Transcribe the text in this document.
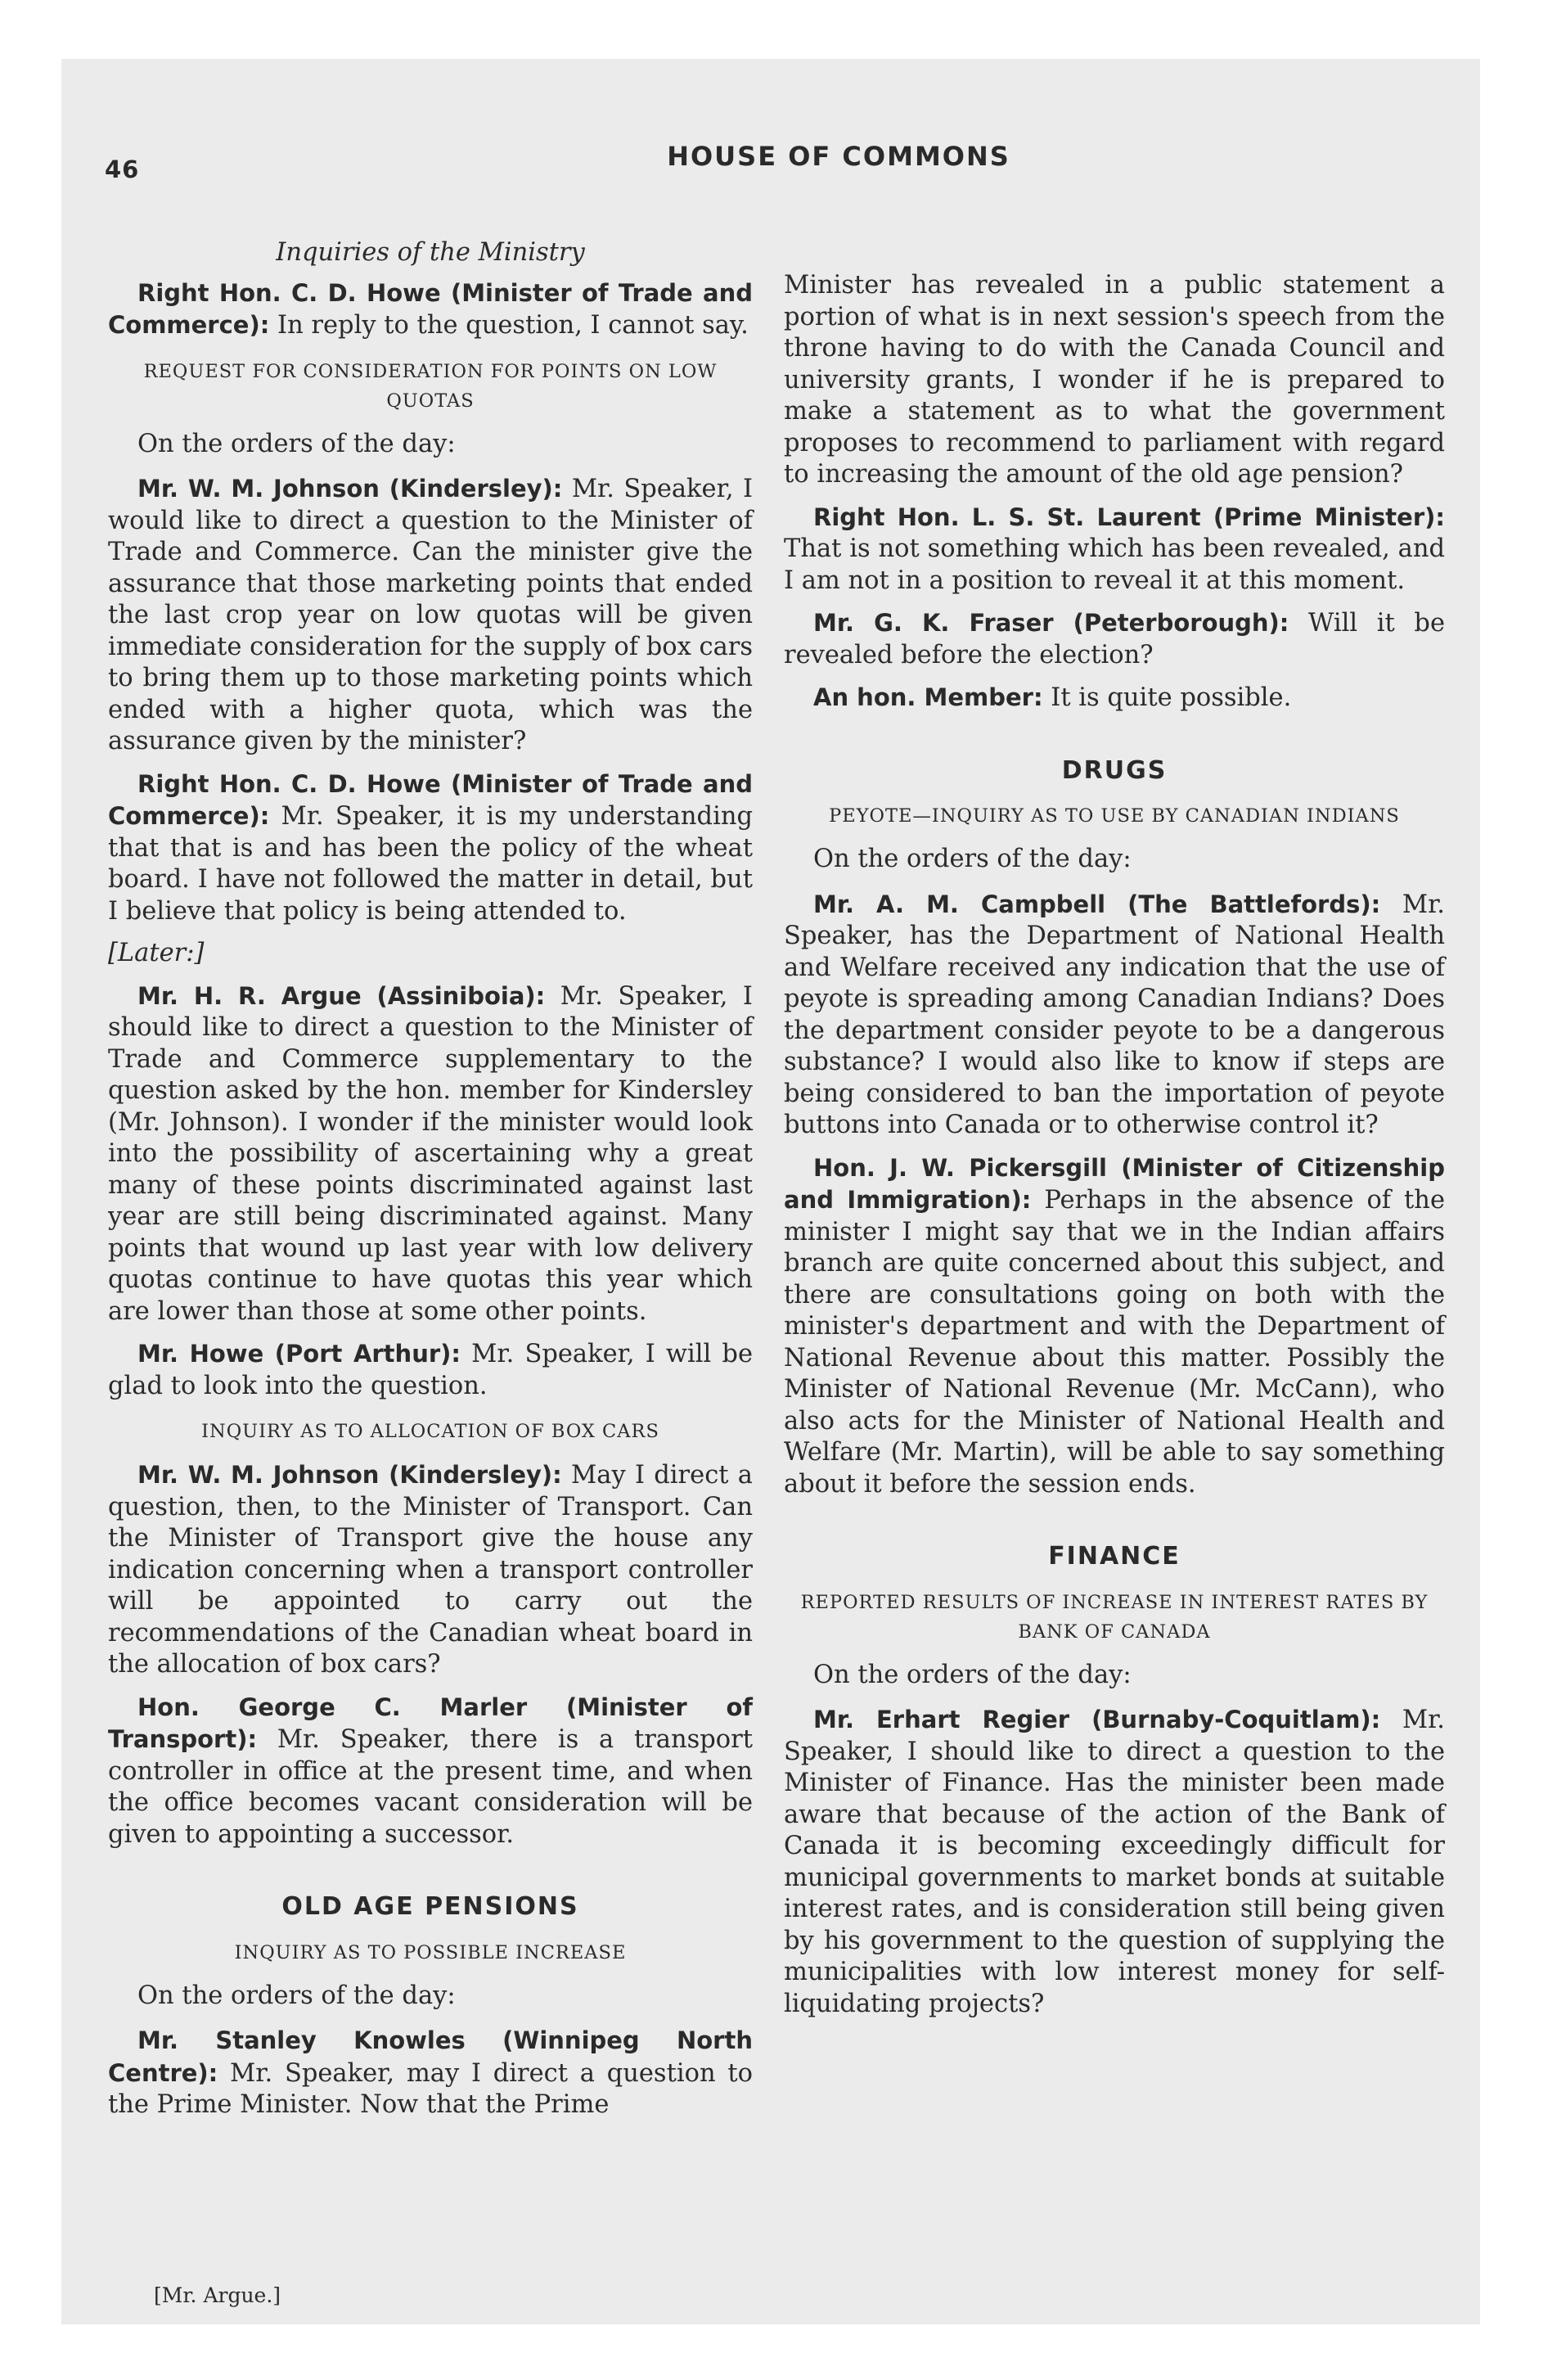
46	HOUSE OF COMMONS

Inquiries of the Ministry

Right Hon. C. D. Howe (Minister of Trade and Commerce): In reply to the question, I cannot say.

REQUEST FOR CONSIDERATION FOR POINTS ON LOW QUOTAS

On the orders of the day:

Mr. W. M. Johnson (Kindersley): Mr. Speaker, I would like to direct a question to the Minister of Trade and Commerce. Can the minister give the assurance that those marketing points that ended the last crop year on low quotas will be given immediate consideration for the supply of box cars to bring them up to those marketing points which ended with a higher quota, which was the assurance given by the minister?

Right Hon. C. D. Howe (Minister of Trade and Commerce): Mr. Speaker, it is my understanding that that is and has been the policy of the wheat board. I have not followed the matter in detail, but I believe that policy is being attended to.

[Later:]

Mr. H. R. Argue (Assiniboia): Mr. Speaker, I should like to direct a question to the Minister of Trade and Commerce supplementary to the question asked by the hon. member for Kindersley (Mr. Johnson). I wonder if the minister would look into the possibility of ascertaining why a great many of these points discriminated against last year are still being discriminated against. Many points that wound up last year with low delivery quotas continue to have quotas this year which are lower than those at some other points.

Mr. Howe (Port Arthur): Mr. Speaker, I will be glad to look into the question.

INQUIRY AS TO ALLOCATION OF BOX CARS

Mr. W. M. Johnson (Kindersley): May I direct a question, then, to the Minister of Transport. Can the Minister of Transport give the house any indication concerning when a transport controller will be appointed to carry out the recommendations of the Canadian wheat board in the allocation of box cars?

Hon. George C. Marler (Minister of Transport): Mr. Speaker, there is a transport controller in office at the present time, and when the office becomes vacant consideration will be given to appointing a successor.

OLD AGE PENSIONS

INQUIRY AS TO POSSIBLE INCREASE

On the orders of the day:

Mr. Stanley Knowles (Winnipeg North Centre): Mr. Speaker, may I direct a question to the Prime Minister. Now that the Prime

Minister has revealed in a public statement a portion of what is in next session's speech from the throne having to do with the Canada Council and university grants, I wonder if he is prepared to make a statement as to what the government proposes to recommend to parliament with regard to increasing the amount of the old age pension?

Right Hon. L. S. St. Laurent (Prime Minister): That is not something which has been revealed, and I am not in a position to reveal it at this moment.

Mr. G. K. Fraser (Peterborough): Will it be revealed before the election?

An hon. Member: It is quite possible.

DRUGS

PEYOTE—INQUIRY AS TO USE BY CANADIAN INDIANS

On the orders of the day:

Mr. A. M. Campbell (The Battlefords): Mr. Speaker, has the Department of National Health and Welfare received any indication that the use of peyote is spreading among Canadian Indians? Does the department consider peyote to be a dangerous substance? I would also like to know if steps are being considered to ban the importation of peyote buttons into Canada or to otherwise control it?

Hon. J. W. Pickersgill (Minister of Citizenship and Immigration): Perhaps in the absence of the minister I might say that we in the Indian affairs branch are quite concerned about this subject, and there are consultations going on both with the minister's department and with the Department of National Revenue about this matter. Possibly the Minister of National Revenue (Mr. McCann), who also acts for the Minister of National Health and Welfare (Mr. Martin), will be able to say something about it before the session ends.

FINANCE

REPORTED RESULTS OF INCREASE IN INTEREST RATES BY BANK OF CANADA

On the orders of the day:

Mr. Erhart Regier (Burnaby-Coquitlam): Mr. Speaker, I should like to direct a question to the Minister of Finance. Has the minister been made aware that because of the action of the Bank of Canada it is becoming exceedingly difficult for municipal governments to market bonds at suitable interest rates, and is consideration still being given by his government to the question of supplying the municipalities with low interest money for self-liquidating projects?

[Mr. Argue.]
